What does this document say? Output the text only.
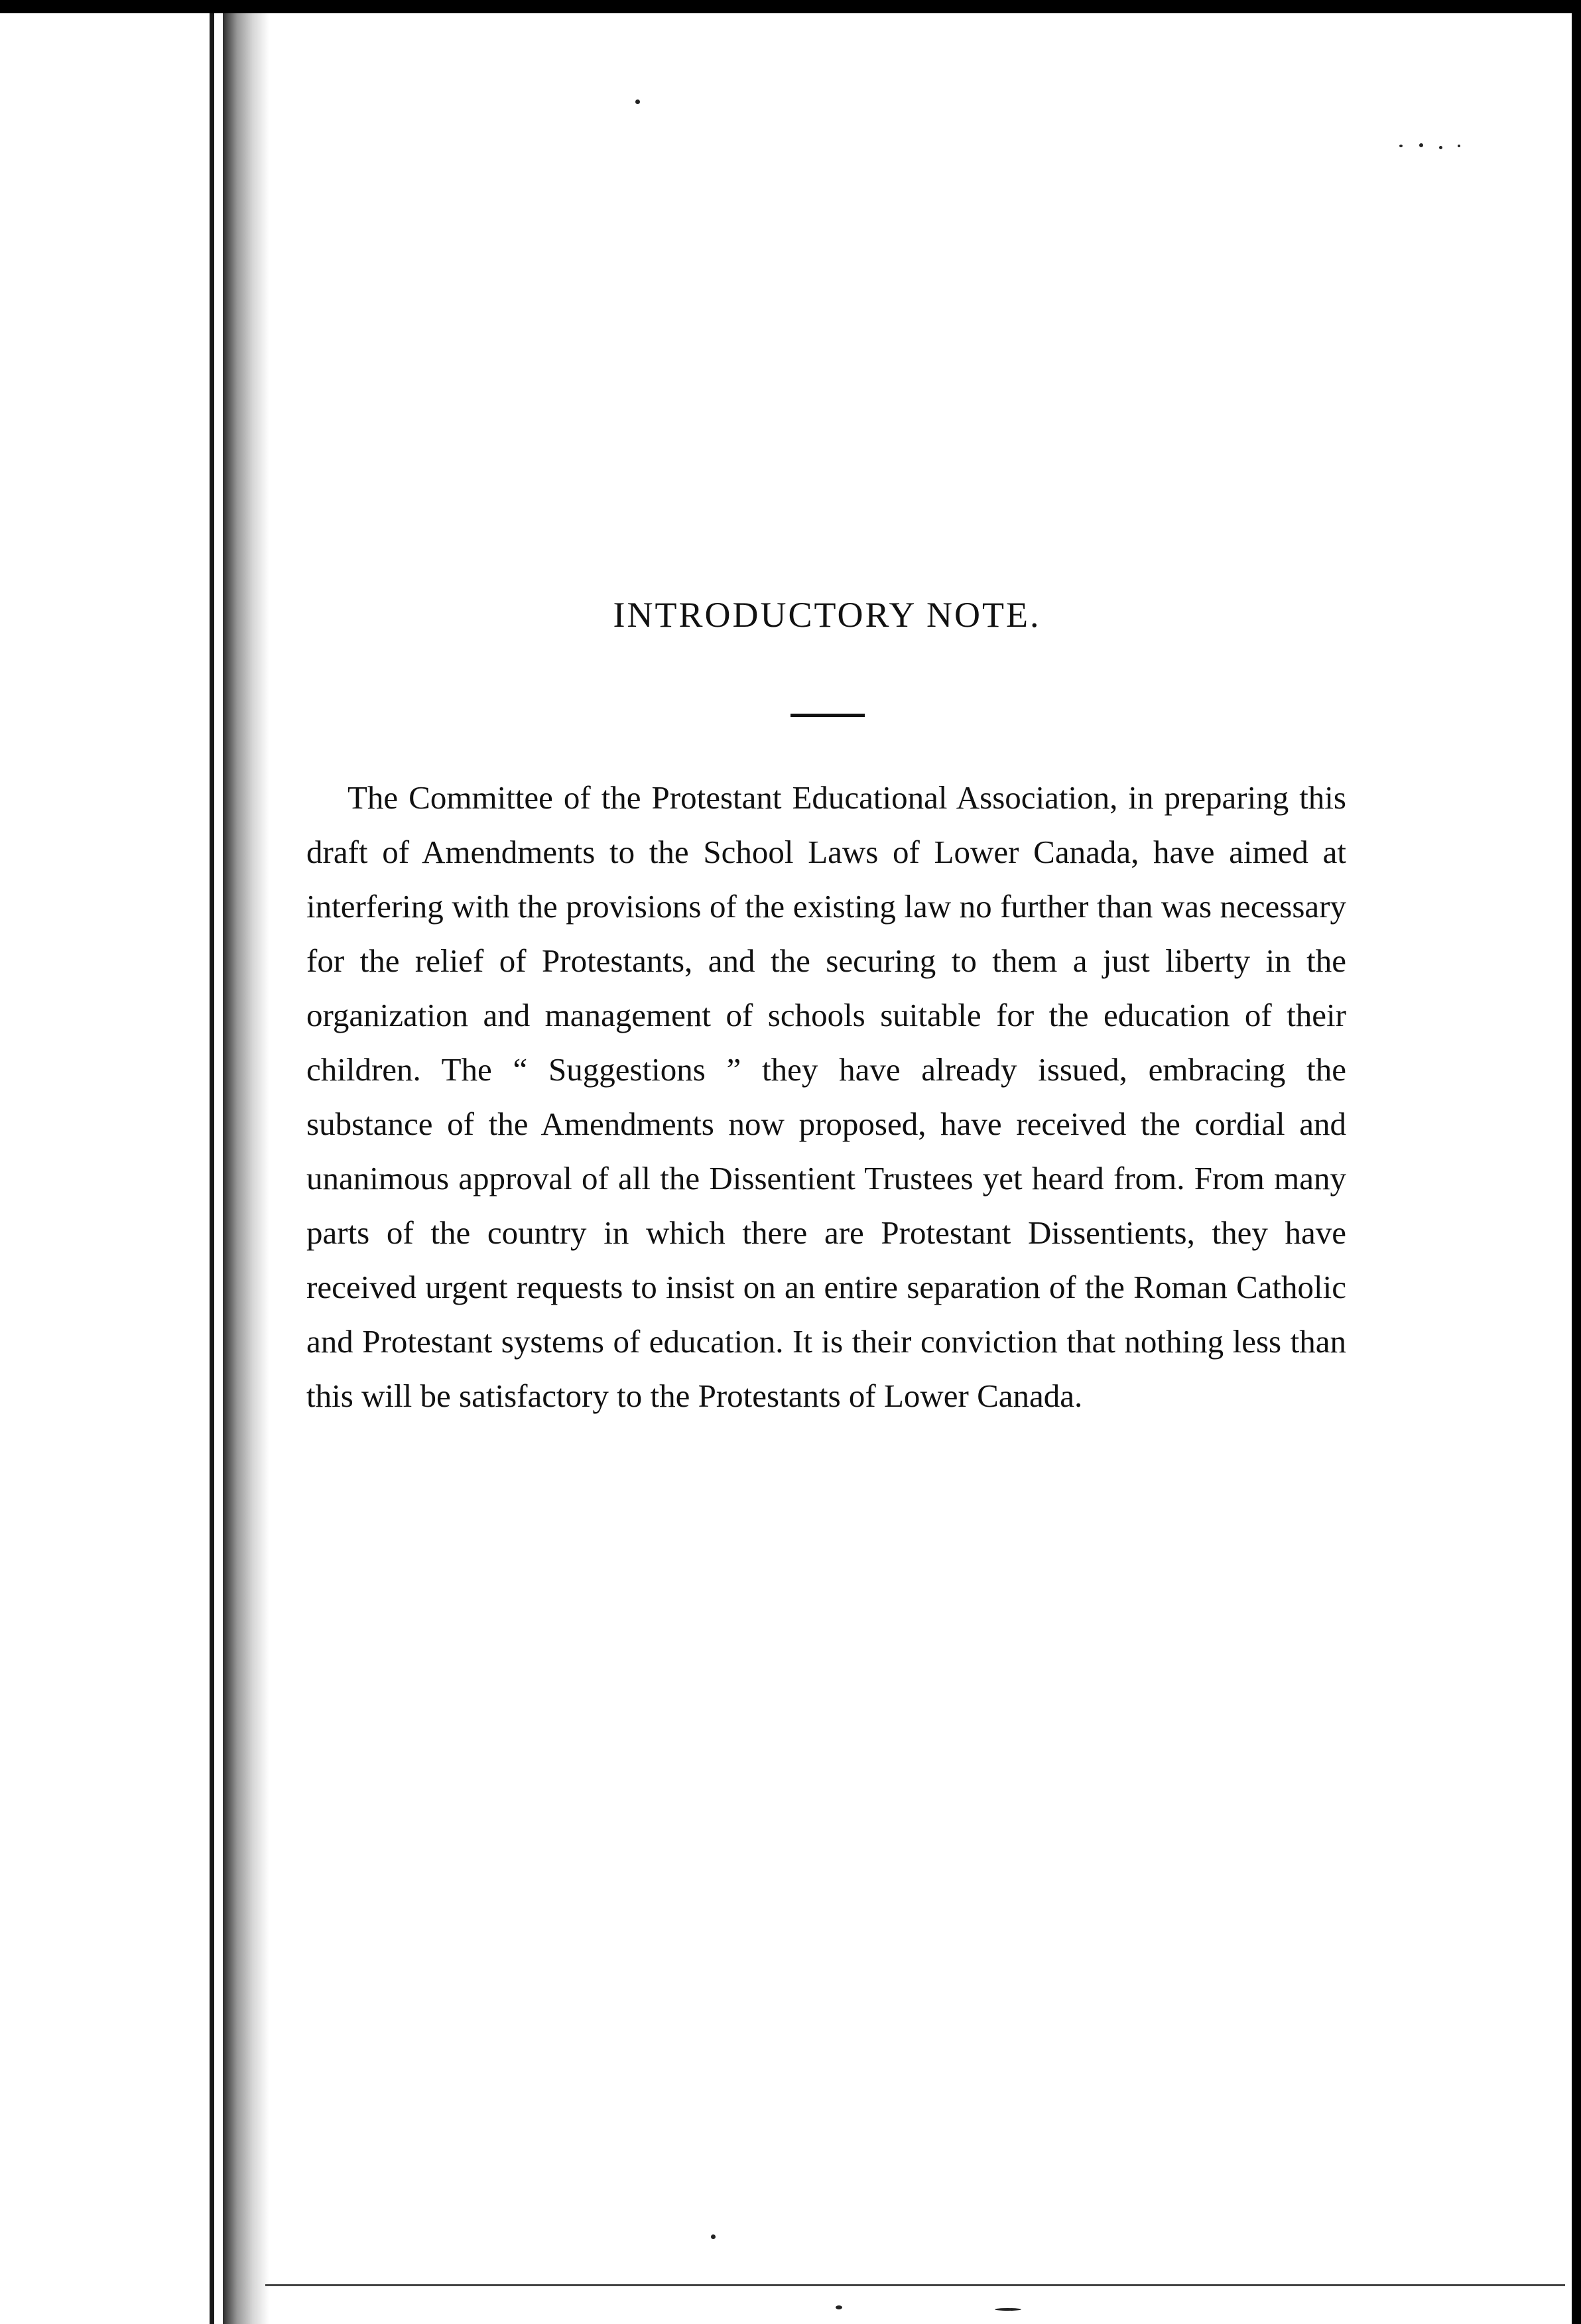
INTRODUCTORY NOTE.

The Committee of the Protestant Educational Association, in preparing this draft of Amendments to the School Laws of Lower Canada, have aimed at interfering with the provisions of the existing law no further than was necessary for the relief of Protestants, and the securing to them a just liberty in the organization and management of schools suitable for the education of their children. The “ Suggestions ” they have already issued, embracing the substance of the Amendments now proposed, have received the cordial and unanimous approval of all the Dissentient Trustees yet heard from. From many parts of the country in which there are Protestant Dissentients, they have received urgent requests to insist on an entire separation of the Roman Catholic and Protestant systems of education. It is their conviction that nothing less than this will be satisfactory to the Protestants of Lower Canada.
